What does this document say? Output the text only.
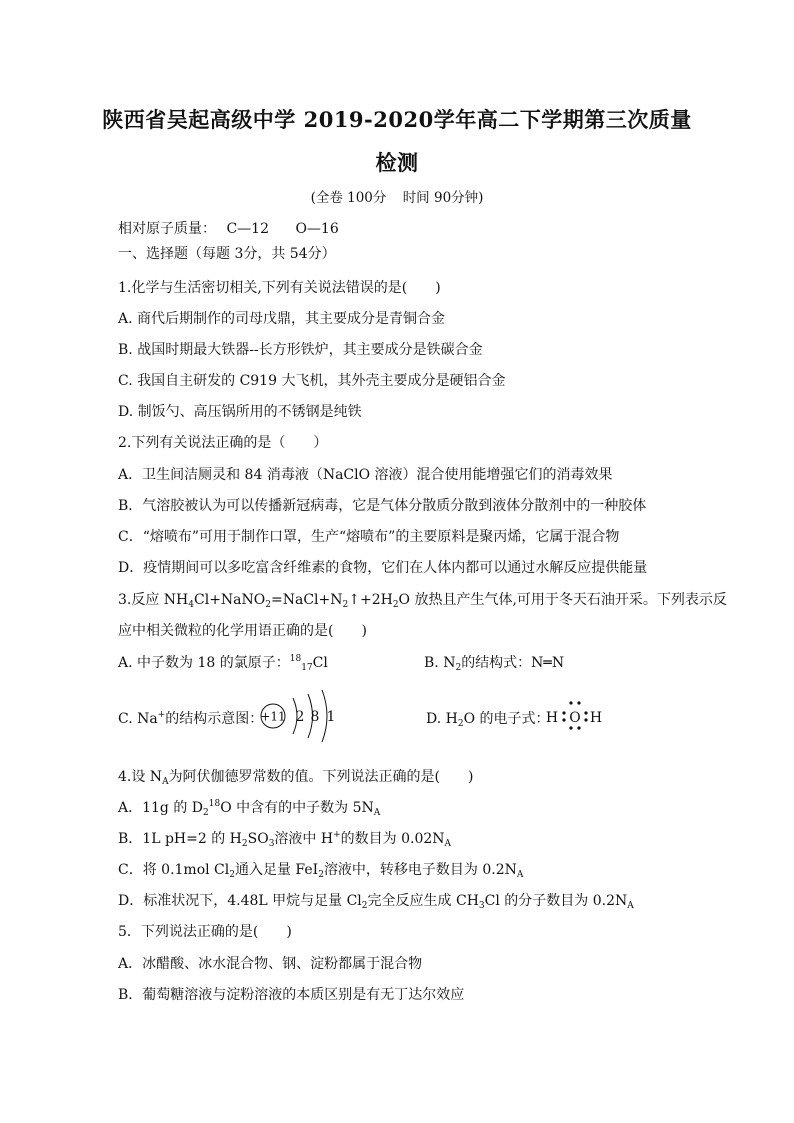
陕西省吴起高级中学 2019-2020学年高二下学期第三次质量
检测
(全卷 100分 时间 90分钟)
相对原子质量： C—12 O—16
一、选择题（每题 3分，共 54分）
1.化学与生活密切相关,下列有关说法错误的是(　　)
A. 商代后期制作的司母戊鼎，其主要成分是青铜合金
B. 战国时期最大铁器--长方形铁炉，其主要成分是铁碳合金
C. 我国自主研发的 C919 大飞机，其外壳主要成分是硬铝合金
D. 制饭勺、高压锅所用的不锈钢是纯铁
2.下列有关说法正确的是（　　）
A．卫生间洁厕灵和 84 消毒液（NaClO 溶液）混合使用能增强它们的消毒效果
B．气溶胶被认为可以传播新冠病毒，它是气体分散质分散到液体分散剂中的一种胶体
C．“熔喷布”可用于制作口罩，生产“熔喷布”的主要原料是聚丙烯，它属于混合物
D．疫情期间可以多吃富含纤维素的食物，它们在人体内都可以通过水解反应提供能量
3.反应 $NH_4Cl+NaNO_2=NaCl+N_2↑+2H_2O$ 放热且产生气体,可用于冬天石油开采。下列表示反
应中相关微粒的化学用语正确的是(　　)
A. 中子数为 18 的氯原子：$^{18}_{17}$Cl	B. $N_2$的结构式：N═N
C. Na+的结构示意图：
+11 2 8 1	D. $H_2O$ 的电子式：
H O H
4.设 $N_A$为阿伏伽德罗常数的值。下列说法正确的是(　　)
A．11g 的 $D_2^{18}O$ 中含有的中子数为 $5N_A$
B．1L pH=2 的 $H_2SO_3$溶液中 H+的数目为 $0.02N_A$
C．将 0.1mol $Cl_2$通入足量 FeI$_2$溶液中，转移电子数目为 $0.2N_A$
D．标准状况下，4.48L 甲烷与足量 $Cl_2$完全反应生成 $CH_3Cl$ 的分子数目为 $0.2N_A$
5．下列说法正确的是(　　)
A．冰醋酸、冰水混合物、钢、淀粉都属于混合物
B．葡萄糖溶液与淀粉溶液的本质区别是有无丁达尔效应
